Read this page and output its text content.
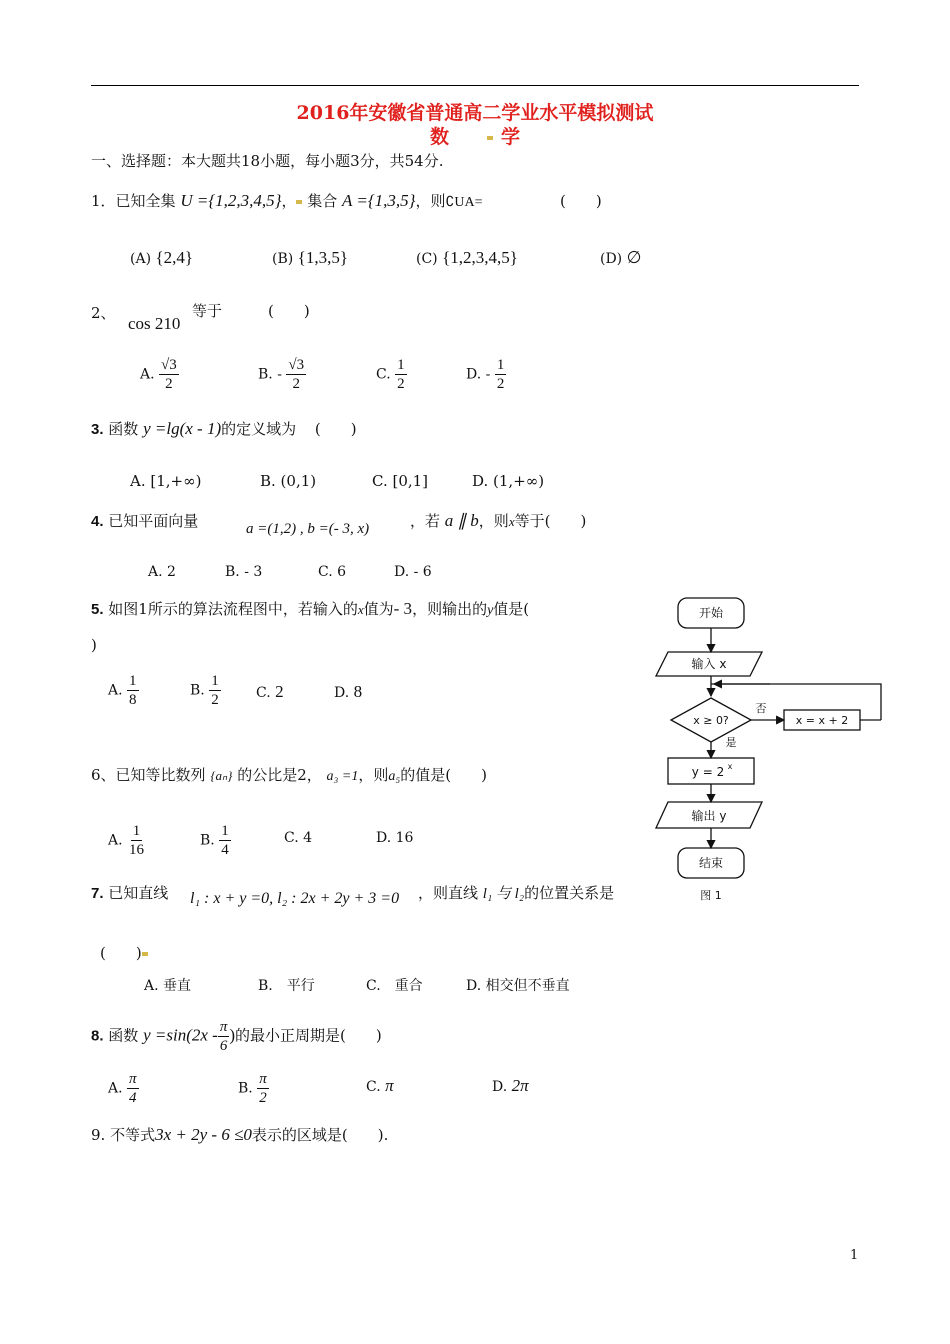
2016年安徽省普通高二学业水平模拟测试
数	学
一、选择题：本大题共18小题，每小题3分，共54分.
1．已知全集 U ={1,2,3,4,5}， 集合 A ={1,3,5}，则∁UA=	(　　)
(A) {2,4}	(B) {1,3,5}	(C) {1,2,3,4,5}	(D) ∅
2、
cos 210
等于	(　　)
A. $\frac{√3}{2}$	B. - $\frac{√3}{2}$	C. $\frac{1}{2}$	D. - $\frac{1}{2}$
3. 函数 y =lg(x - 1)的定义域为 (　　)
A. [1,+∞)	B. (0,1)	C. [0,1]	D. (1,+∞)
4. 已知平面向量	a =(1,2) , b =(- 3, x)	，若 a ∥ b，则x等于(　　)
A. 2	B. - 3	C. 6	D. - 6
5. 如图1所示的算法流程图中，若输入的x值为- 3，则输出的y值是(
)
A. $\frac{1}{8}$	B. $\frac{1}{2}$	C. 2	D. 8
开始
输入 x
x ≥ 0?
否
是
x = x + 2
y = 2 x
输出 y
结束
图 1
6、已知等比数列 {aₙ} 的公比是2， a₃ =1，则a₅的值是(　　)
A. $\frac{1}{16}$	B. $\frac{1}{4}$	C. 4	D. 16
7. 已知直线 l₁ : x + y =0, l₂ : 2x + 2y + 3 =0 ，则直线 l₁ 与 l₂的位置关系是
(　　)
A. 垂直	B.　平行	C.　重合	D. 相交但不垂直
8. 函数 $y =\sin(2x - \frac{\pi}{6}$ )的最小正周期是(　　)
A. $\frac{\pi}{4}$	B. $\frac{\pi}{2}$	C. π	D. 2π
9. 不等式3x + 2y - 6 ≤0表示的区域是(　　).
1
